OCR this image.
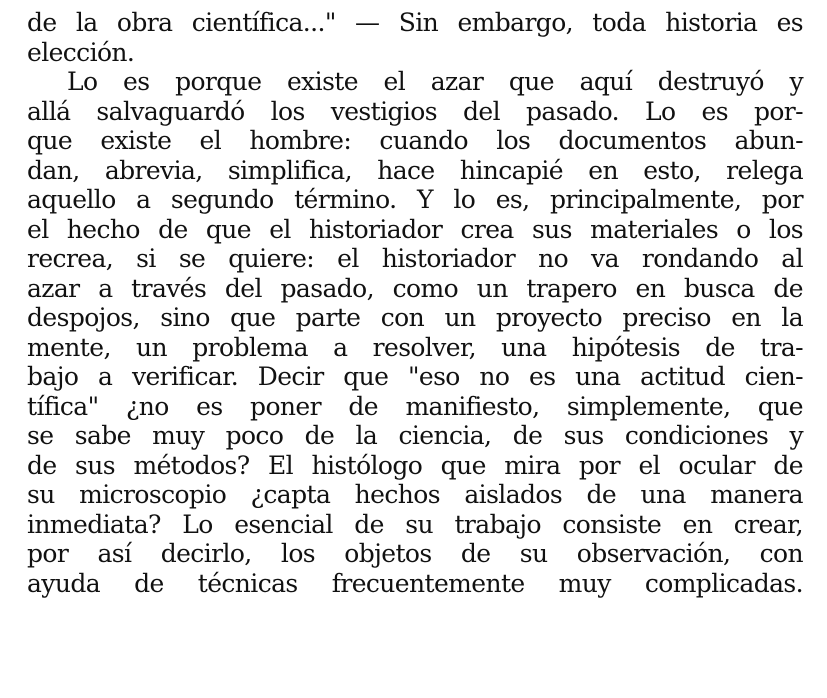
de la obra científica..." — Sin embargo, toda historia es
elección.
Lo es porque existe el azar que aquí destruyó y
allá salvaguardó los vestigios del pasado. Lo es por-
que existe el hombre: cuando los documentos abun-
dan, abrevia, simplifica, hace hincapié en esto, relega
aquello a segundo término. Y lo es, principalmente, por
el hecho de que el historiador crea sus materiales o los
recrea, si se quiere: el historiador no va rondando al
azar a través del pasado, como un trapero en busca de
despojos, sino que parte con un proyecto preciso en la
mente, un problema a resolver, una hipótesis de tra-
bajo a verificar. Decir que "eso no es una actitud cien-
tífica" ¿no es poner de manifiesto, simplemente, que
se sabe muy poco de la ciencia, de sus condiciones y
de sus métodos? El histólogo que mira por el ocular de
su microscopio ¿capta hechos aislados de una manera
inmediata? Lo esencial de su trabajo consiste en crear,
por así decirlo, los objetos de su observación, con
ayuda de técnicas frecuentemente muy complicadas.
